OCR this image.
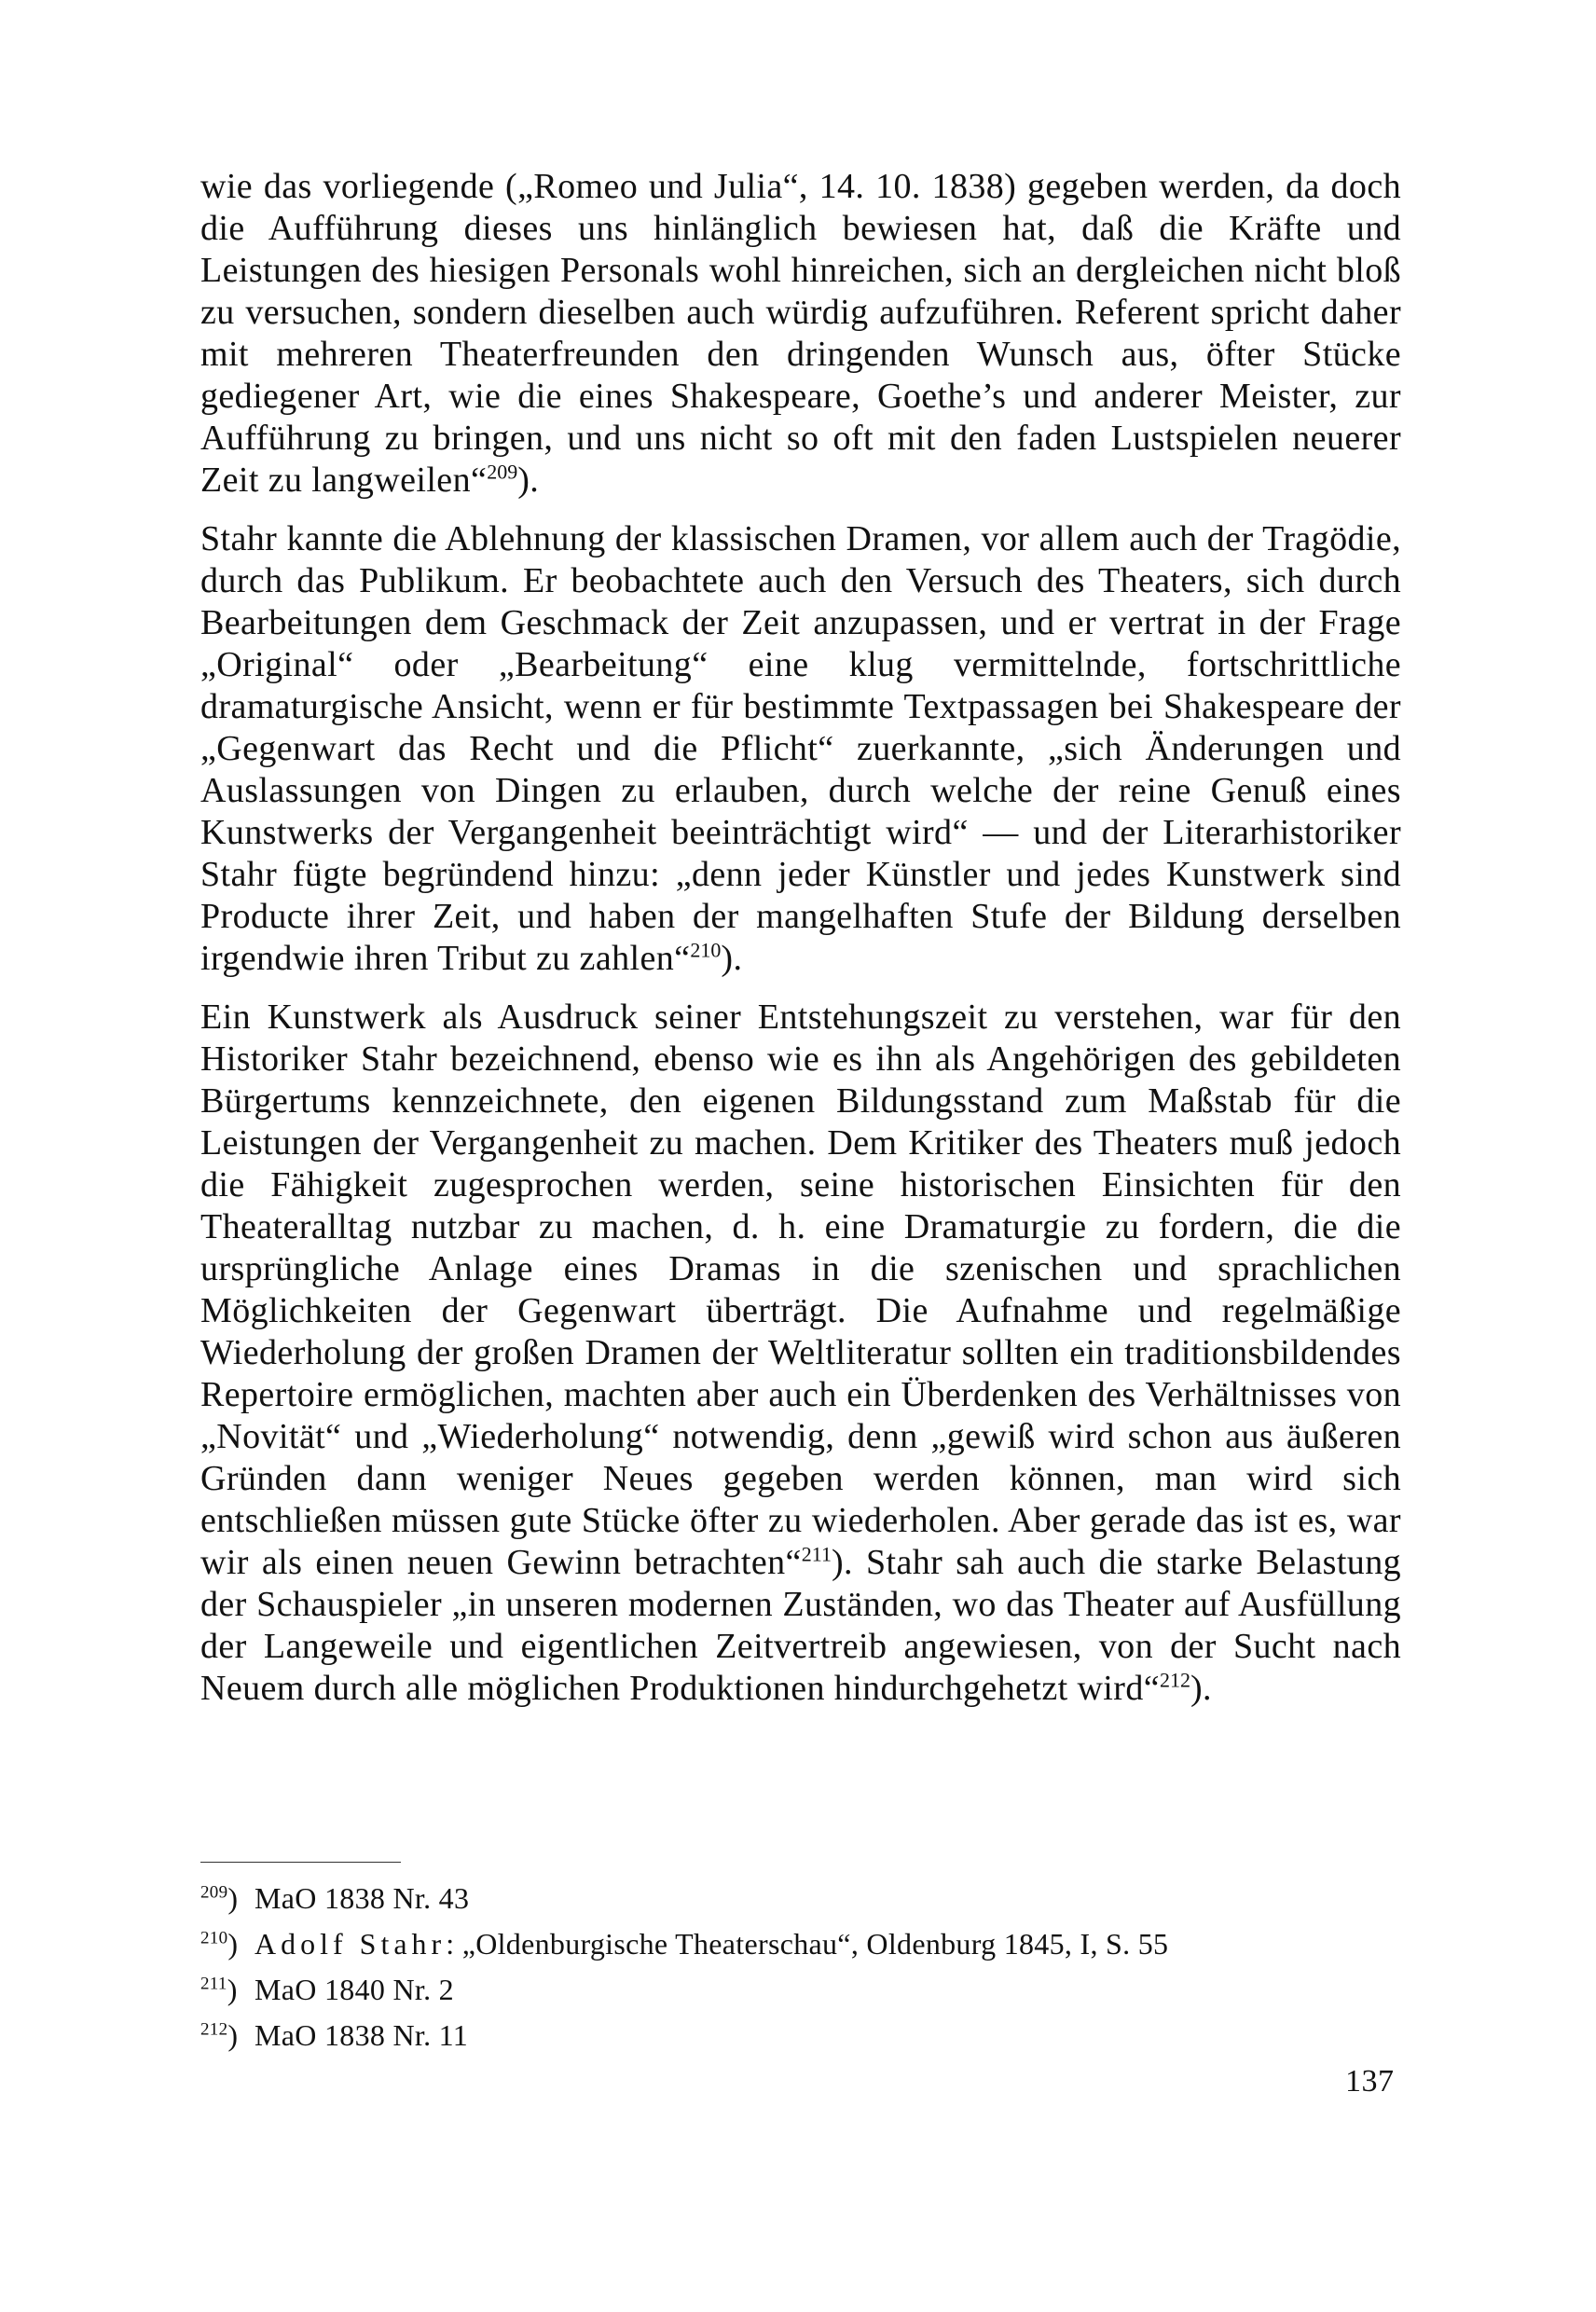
wie das vorliegende („Romeo und Julia“, 14. 10. 1838) gegeben werden, da doch die Aufführung dieses uns hinlänglich bewiesen hat, daß die Kräfte und Leistungen des hiesigen Personals wohl hinreichen, sich an dergleichen nicht bloß zu versuchen, sondern dieselben auch würdig aufzuführen. Referent spricht daher mit mehreren Theaterfreunden den dringenden Wunsch aus, öfter Stücke gediegener Art, wie die eines Shakespeare, Goethe’s und anderer Meister, zur Aufführung zu bringen, und uns nicht so oft mit den faden Lustspielen neuerer Zeit zu langweilen“$^{209}$).

Stahr kannte die Ablehnung der klassischen Dramen, vor allem auch der Tragödie, durch das Publikum. Er beobachtete auch den Versuch des Theaters, sich durch Bearbeitungen dem Geschmack der Zeit anzupassen, und er vertrat in der Frage „Original“ oder „Bearbeitung“ eine klug vermittelnde, fortschrittliche dramaturgische Ansicht, wenn er für bestimmte Textpassagen bei Shakespeare der „Gegenwart das Recht und die Pflicht“ zuerkannte, „sich Änderungen und Auslassungen von Dingen zu erlauben, durch welche der reine Genuß eines Kunstwerks der Vergangenheit beeinträchtigt wird“ — und der Literarhistoriker Stahr fügte begründend hinzu: „denn jeder Künstler und jedes Kunstwerk sind Producte ihrer Zeit, und haben der mangelhaften Stufe der Bildung derselben irgendwie ihren Tribut zu zahlen“$^{210}$).

Ein Kunstwerk als Ausdruck seiner Entstehungszeit zu verstehen, war für den Historiker Stahr bezeichnend, ebenso wie es ihn als Angehörigen des gebildeten Bürgertums kennzeichnete, den eigenen Bildungsstand zum Maßstab für die Leistungen der Vergangenheit zu machen. Dem Kritiker des Theaters muß jedoch die Fähigkeit zugesprochen werden, seine historischen Einsichten für den Theateralltag nutzbar zu machen, d. h. eine Dramaturgie zu fordern, die die ursprüngliche Anlage eines Dramas in die szenischen und sprachlichen Möglichkeiten der Gegenwart überträgt. Die Aufnahme und regelmäßige Wiederholung der großen Dramen der Weltliteratur sollten ein traditionsbildendes Repertoire ermöglichen, machten aber auch ein Überdenken des Verhältnisses von „Novität“ und „Wiederholung“ notwendig, denn „gewiß wird schon aus äußeren Gründen dann weniger Neues gegeben werden können, man wird sich entschließen müssen gute Stücke öfter zu wiederholen. Aber gerade das ist es, war wir als einen neuen Gewinn betrachten“$^{211}$). Stahr sah auch die starke Belastung der Schauspieler „in unseren modernen Zuständen, wo das Theater auf Ausfüllung der Langeweile und eigentlichen Zeitvertreib angewiesen, von der Sucht nach Neuem durch alle möglichen Produktionen hindurchgehetzt wird“$^{212}$).

$^{209}$) MaO 1838 Nr. 43

$^{210}$) Adolf Stahr: „Oldenburgische Theaterschau“, Oldenburg 1845, I, S. 55

$^{211}$) MaO 1840 Nr. 2

$^{212}$) MaO 1838 Nr. 11

137
